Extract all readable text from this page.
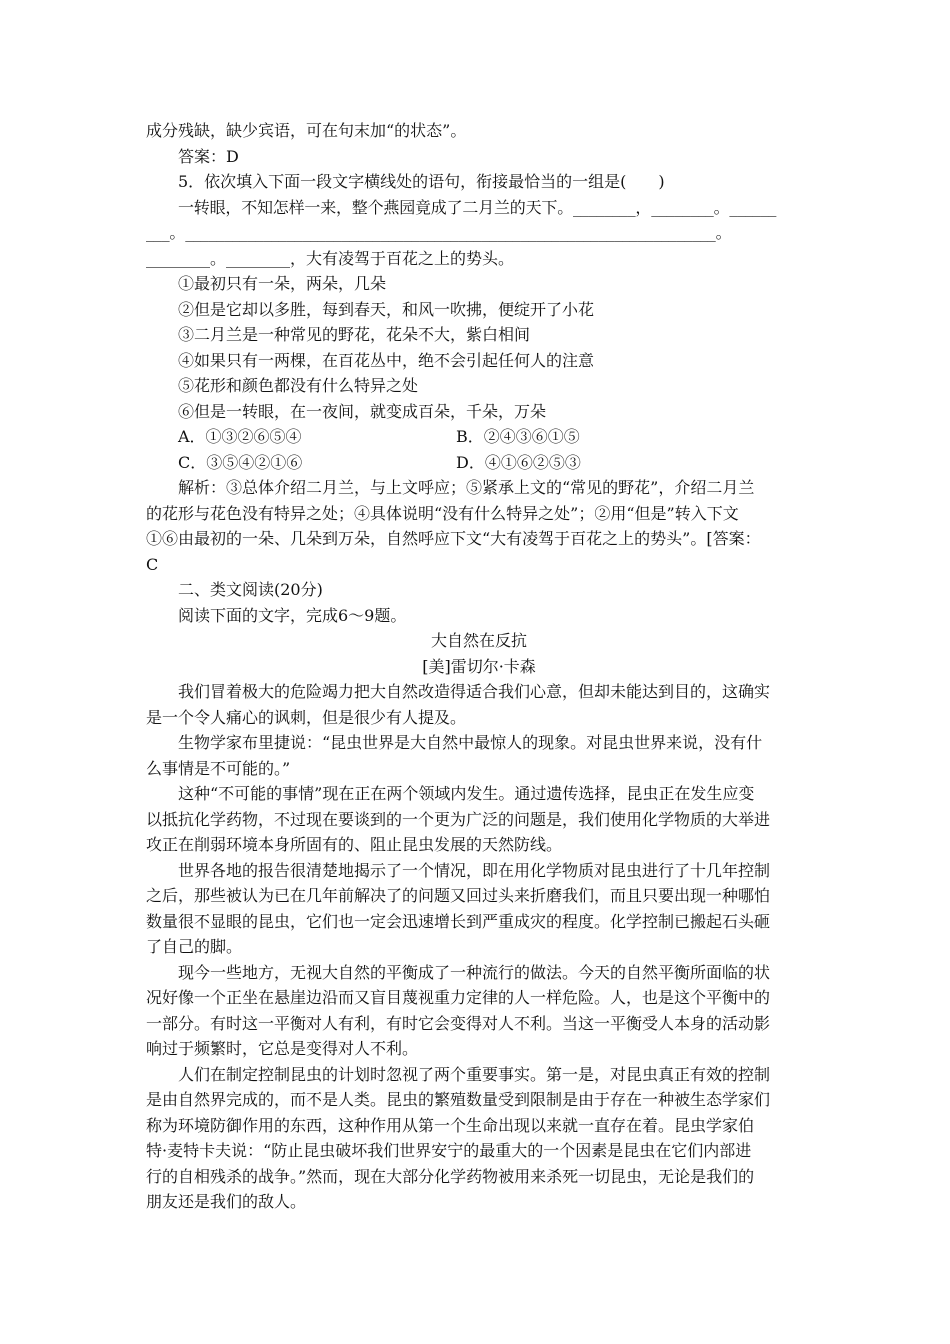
成分残缺，缺少宾语，可在句末加“的状态”。
答案：D
5．依次填入下面一段文字横线处的语句，衔接最恰当的一组是(　　)
一转眼，不知怎样一来，整个燕园竟成了二月兰的天下。________，________。______
___。____________________________________________________________________。
________。________，大有凌驾于百花之上的势头。
①最初只有一朵，两朵，几朵
②但是它却以多胜，每到春天，和风一吹拂，便绽开了小花
③二月兰是一种常见的野花，花朵不大，紫白相间
④如果只有一两棵，在百花丛中，绝不会引起任何人的注意
⑤花形和颜色都没有什么特异之处
⑥但是一转眼，在一夜间，就变成百朵，千朵，万朵
A．①③②⑥⑤④	B．②④③⑥①⑤
C．③⑤④②①⑥	D．④①⑥②⑤③
解析：③总体介绍二月兰，与上文呼应；⑤紧承上文的“常见的野花”，介绍二月兰
的花形与花色没有特异之处；④具体说明“没有什么特异之处”；②用“但是”转入下文
①⑥由最初的一朵、几朵到万朵，自然呼应下文“大有凌驾于百花之上的势头”。[答案：
C
二、类文阅读(20分)
阅读下面的文字，完成6～9题。
大自然在反抗
[美]雷切尔·卡森
我们冒着极大的危险竭力把大自然改造得适合我们心意，但却未能达到目的，这确实
是一个令人痛心的讽刺，但是很少有人提及。
生物学家布里捷说：“昆虫世界是大自然中最惊人的现象。对昆虫世界来说，没有什
么事情是不可能的。”
这种“不可能的事情”现在正在两个领域内发生。通过遗传选择，昆虫正在发生应变
以抵抗化学药物，不过现在要谈到的一个更为广泛的问题是，我们使用化学物质的大举进
攻正在削弱环境本身所固有的、阻止昆虫发展的天然防线。
世界各地的报告很清楚地揭示了一个情况，即在用化学物质对昆虫进行了十几年控制
之后，那些被认为已在几年前解决了的问题又回过头来折磨我们，而且只要出现一种哪怕
数量很不显眼的昆虫，它们也一定会迅速增长到严重成灾的程度。化学控制已搬起石头砸
了自己的脚。
现今一些地方，无视大自然的平衡成了一种流行的做法。今天的自然平衡所面临的状
况好像一个正坐在悬崖边沿而又盲目蔑视重力定律的人一样危险。人，也是这个平衡中的
一部分。有时这一平衡对人有利，有时它会变得对人不利。当这一平衡受人本身的活动影
响过于频繁时，它总是变得对人不利。
人们在制定控制昆虫的计划时忽视了两个重要事实。第一是，对昆虫真正有效的控制
是由自然界完成的，而不是人类。昆虫的繁殖数量受到限制是由于存在一种被生态学家们
称为环境防御作用的东西，这种作用从第一个生命出现以来就一直存在着。昆虫学家伯
特·麦特卡夫说：“防止昆虫破坏我们世界安宁的最重大的一个因素是昆虫在它们内部进
行的自相残杀的战争。”然而，现在大部分化学药物被用来杀死一切昆虫，无论是我们的
朋友还是我们的敌人。
